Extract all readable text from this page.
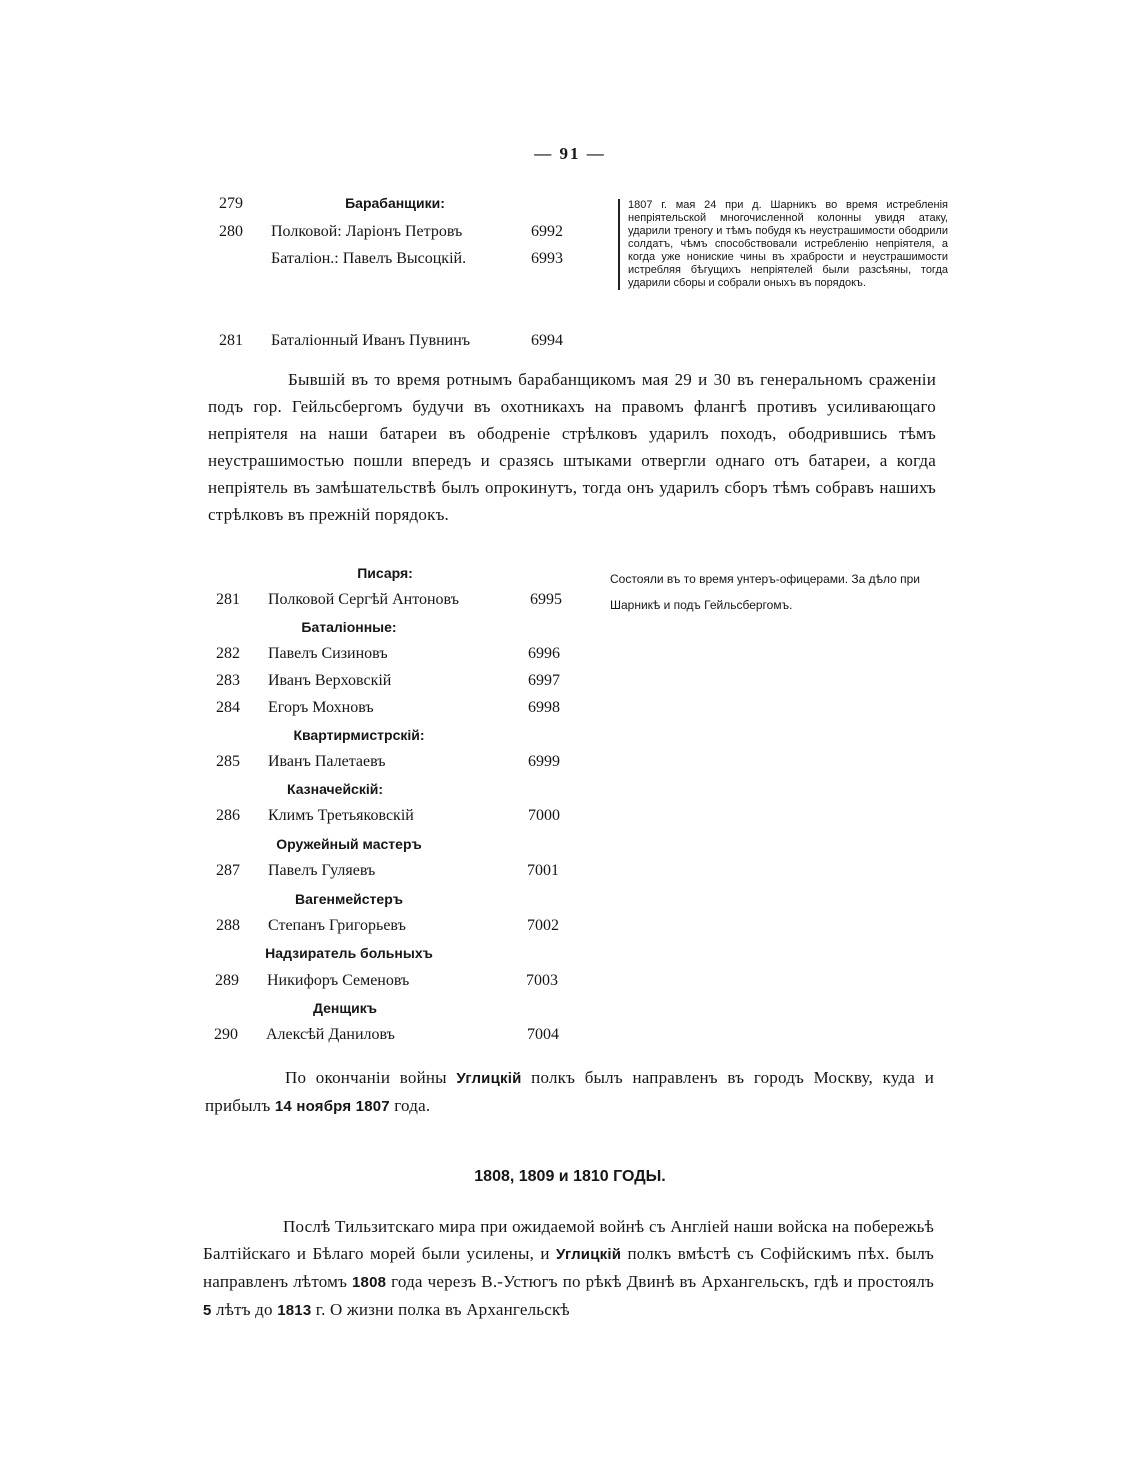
— 91 —
Барабанщики:
279
280 Полковой: Ларіонъ Петровъ	6992
Баталіон.: Павелъ Высоцкій.	6993
281 Баталіонный Иванъ Пувнинъ	6994
1807 г. мая 24 при д. Шарникъ во время истребленія непріятельской многочисленной колонны увидя атаку, ударили треногу и тѣмъ побудя къ неустрашимости ободрили солдатъ, чѣмъ способствовали истребленію непріятеля, а когда уже нониские чины въ храбрости и неустрашимости истребляя бѣгущихъ непріятелей были разсѣяны, тогда ударили сборы и собрали оныхъ въ порядокъ.
Бывшій въ то время ротнымъ барабанщикомъ мая 29 и 30 въ генеральномъ сраженіи подъ гор. Гейльсбергомъ будучи въ охотникахъ на правомъ флангѣ противъ усиливающаго непріятеля на наши батареи въ ободреніе стрѣлковъ ударилъ походъ, ободрившись тѣмъ неустрашимостью пошли впередъ и сразясь штыками отвергли однаго отъ батареи, а когда непріятель въ замѣшательствѣ былъ опрокинутъ, тогда онъ ударилъ сборъ тѣмъ собравъ нашихъ стрѣлковъ въ прежній порядокъ.
Состояли въ то время унтеръ-офицерами. За дѣло при Шарникѣ и подъ Гейльсбергомъ.
Писаря:
281 Полковой Сергѣй Антоновъ	6995
Баталіонные:
282 Павелъ Сизиновъ	6996
283 Иванъ Верховскій	6997
284 Егоръ Мохновъ	6998
Квартирмистрскій:
285 Иванъ Палетаевъ	6999
Казначейскій:
286 Климъ Третьяковскій	7000
Оружейный мастеръ
287 Павелъ Гуляевъ	7001
Вагенмейстеръ
288 Степанъ Григорьевъ	7002
Надзиратель больныхъ
289 Никифоръ Семеновъ	7003
Денщикъ
290 Алексѣй Даниловъ	7004
По окончаніи войны Углицкій полкъ былъ направленъ въ городъ Москву, куда и прибылъ 14 ноября 1807 года.
1808, 1809 и 1810 ГОДЫ.
Послѣ Тильзитскаго мира при ожидаемой войнѣ съ Англіей наши войска на побережьѣ Балтійскаго и Бѣлаго морей были усилены, и Углицкій полкъ вмѣстѣ съ Софійскимъ пѣх. былъ направленъ лѣтомъ 1808 года черезъ В.-Устюгъ по рѣкѣ Двинѣ въ Архангельскъ, гдѣ и простоялъ 5 лѣтъ до 1813 г. О жизни полка въ Архангельскѣ
